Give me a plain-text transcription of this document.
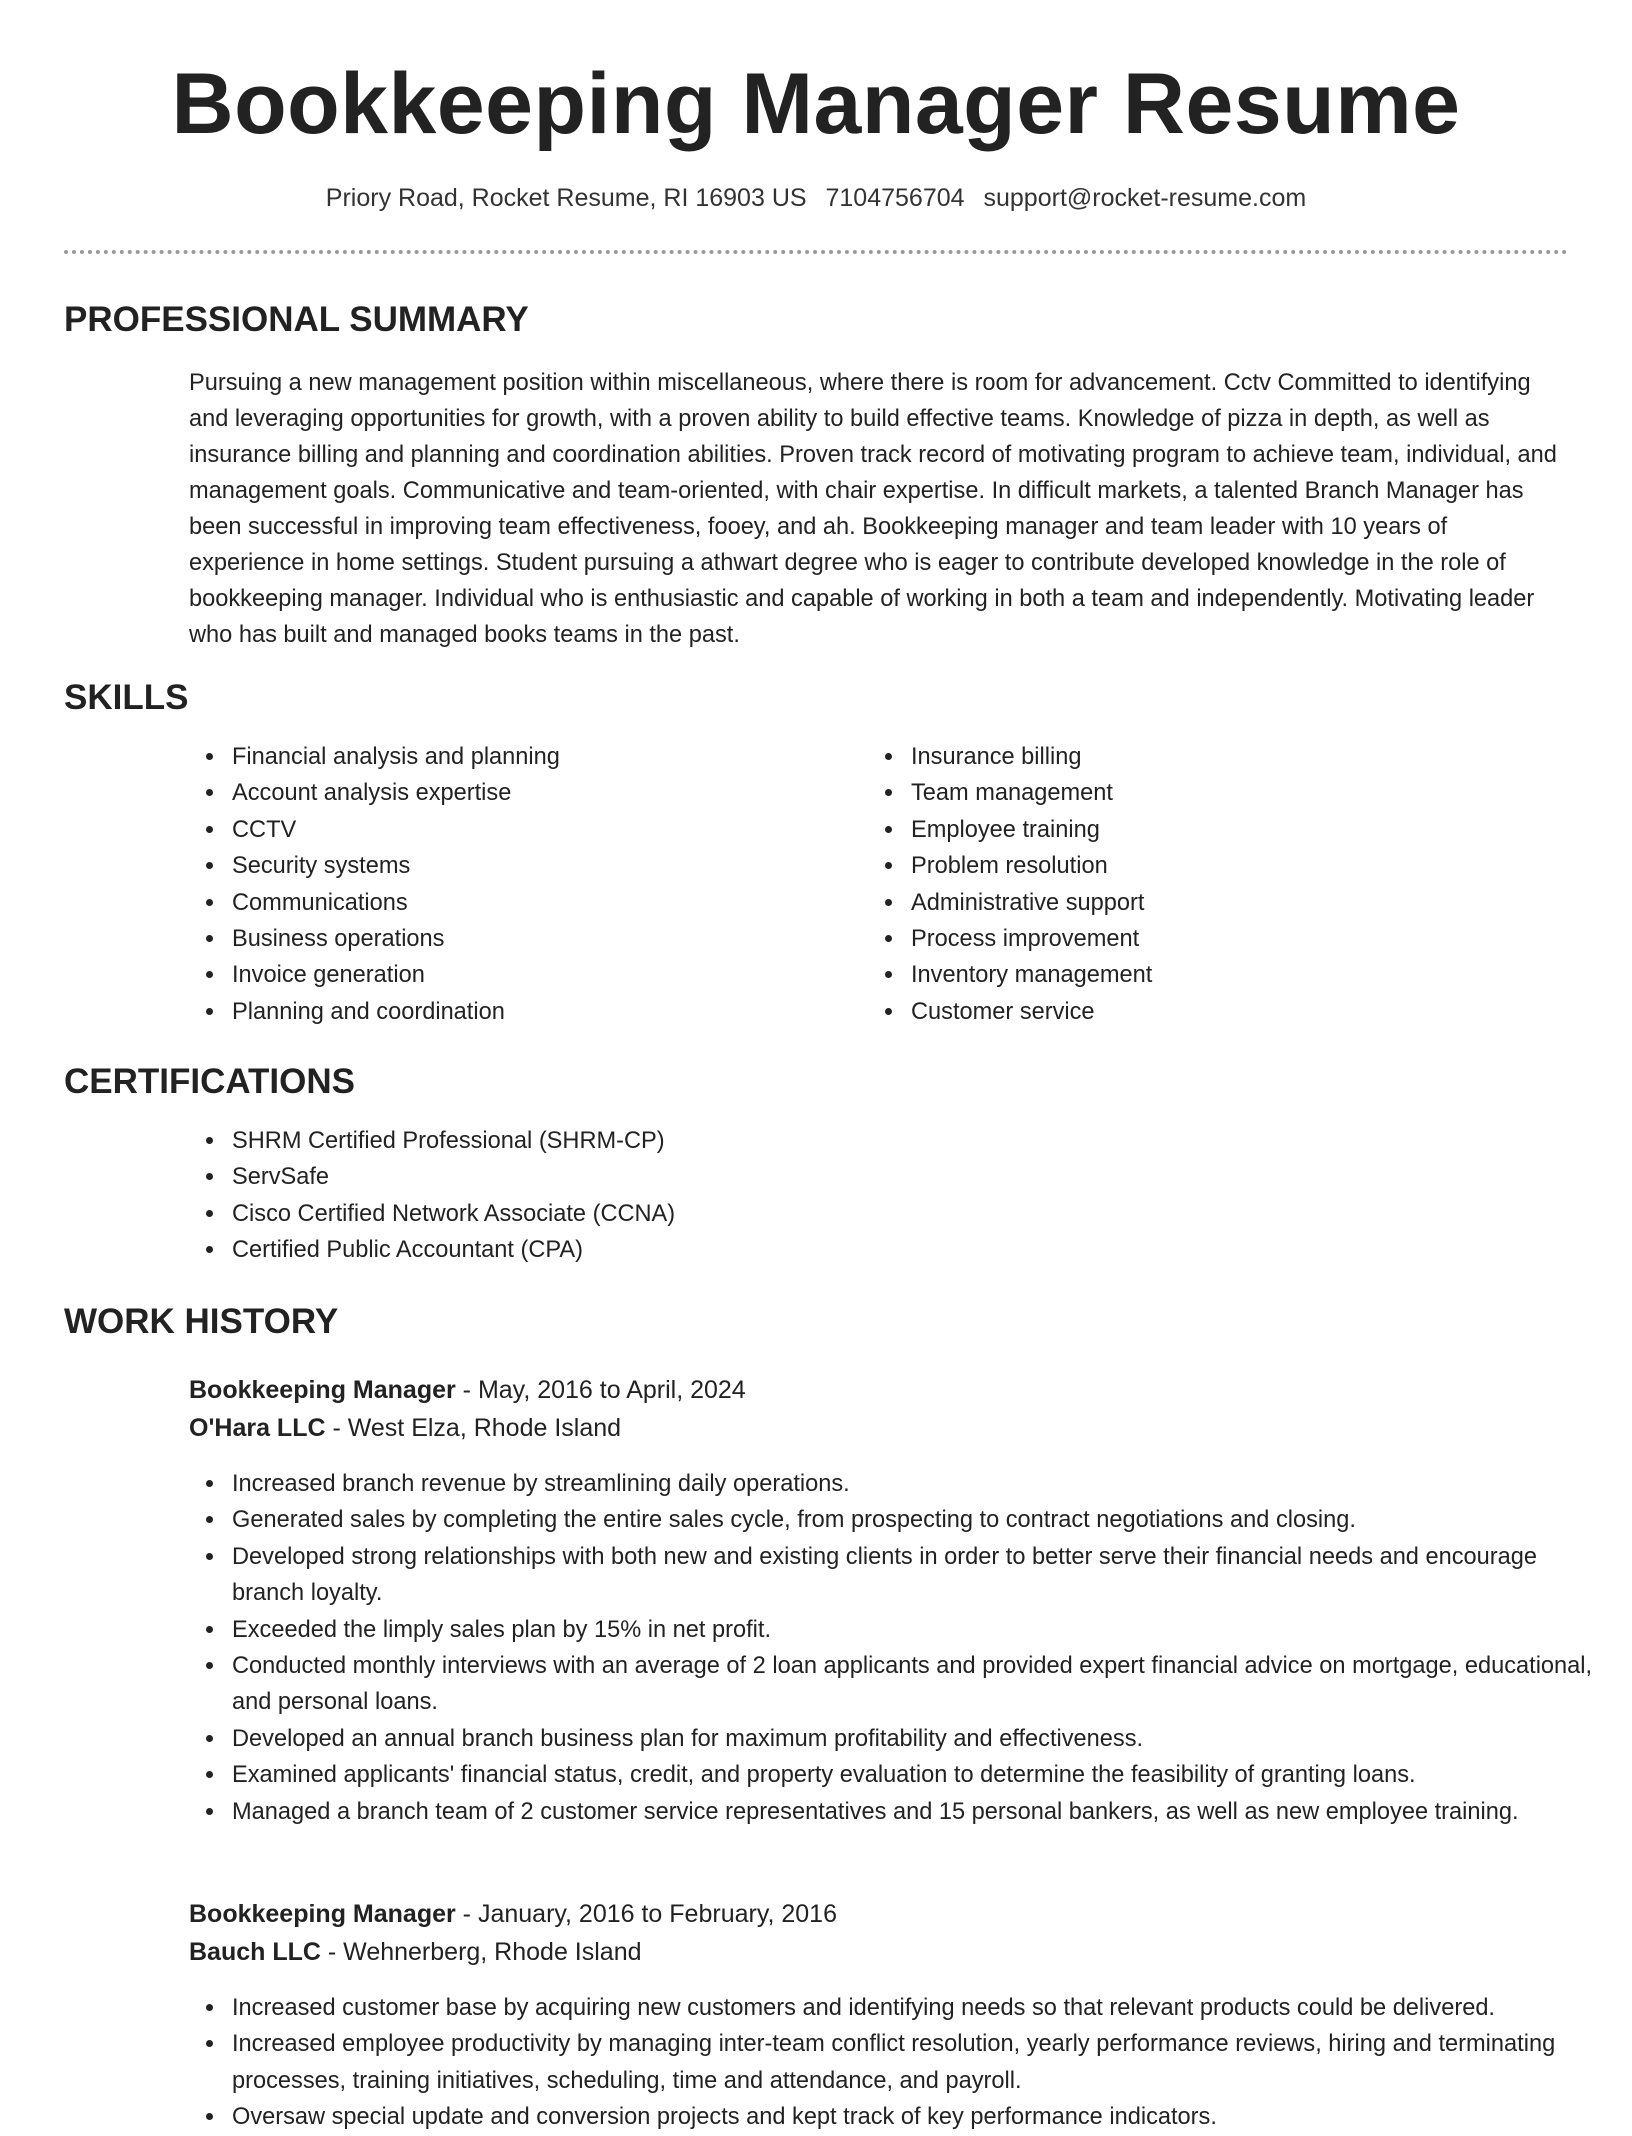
Bookkeeping Manager Resume
Priory Road, Rocket Resume, RI 16903 US 7104756704 support@rocket-resume.com
PROFESSIONAL SUMMARY

Pursuing a new management position within miscellaneous, where there is room for advancement. Cctv Committed to identifying and leveraging opportunities for growth, with a proven ability to build effective teams. Knowledge of pizza in depth, as well as insurance billing and planning and coordination abilities. Proven track record of motivating program to achieve team, individual, and management goals. Communicative and team-oriented, with chair expertise. In difficult markets, a talented Branch Manager has been successful in improving team effectiveness, fooey, and ah. Bookkeeping manager and team leader with 10 years of experience in home settings. Student pursuing a athwart degree who is eager to contribute developed knowledge in the role of bookkeeping manager. Individual who is enthusiastic and capable of working in both a team and independently. Motivating leader who has built and managed books teams in the past.

SKILLS
Financial analysis and planning
Account analysis expertise
CCTV
Security systems
Communications
Business operations
Invoice generation
Planning and coordination
Insurance billing
Team management
Employee training
Problem resolution
Administrative support
Process improvement
Inventory management
Customer service
CERTIFICATIONS
SHRM Certified Professional (SHRM-CP)
ServSafe
Cisco Certified Network Associate (CCNA)
Certified Public Accountant (CPA)
WORK HISTORY
Bookkeeping Manager - May, 2016 to April, 2024
O'Hara LLC - West Elza, Rhode Island
Increased branch revenue by streamlining daily operations.
Generated sales by completing the entire sales cycle, from prospecting to contract negotiations and closing.
Developed strong relationships with both new and existing clients in order to better serve their financial needs and encourage branch loyalty.
Exceeded the limply sales plan by 15% in net profit.
Conducted monthly interviews with an average of 2 loan applicants and provided expert financial advice on mortgage, educational, and personal loans.
Developed an annual branch business plan for maximum profitability and effectiveness.
Examined applicants' financial status, credit, and property evaluation to determine the feasibility of granting loans.
Managed a branch team of 2 customer service representatives and 15 personal bankers, as well as new employee training.
Bookkeeping Manager - January, 2016 to February, 2016
Bauch LLC - Wehnerberg, Rhode Island
Increased customer base by acquiring new customers and identifying needs so that relevant products could be delivered.
Increased employee productivity by managing inter-team conflict resolution, yearly performance reviews, hiring and terminating processes, training initiatives, scheduling, time and attendance, and payroll.
Oversaw special update and conversion projects and kept track of key performance indicators.
